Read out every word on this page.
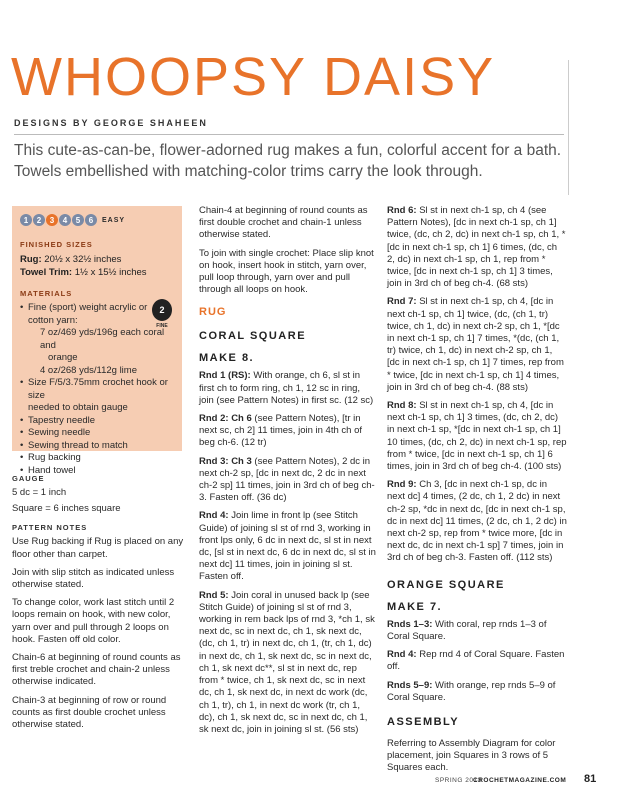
WHOOPSY DAISY
DESIGNS BY GEORGE SHAHEEN
This cute-as-can-be, flower-adorned rug makes a fun, colorful accent for a bath. Towels embellished with matching-color trims carry the look through.
1	2	3	4	5	6	EASY
FINISHED SIZES
Rug: 20½ x 32½ inches
Towel Trim: 1½ x 15½ inches
MATERIALS
• Fine (sport) weight acrylic or
cotton yarn:
7 oz/469 yds/196g each coral and
orange
4 oz/268 yds/112g lime
• Size F/5/3.75mm crochet hook or size
needed to obtain gauge
• Tapestry needle
• Sewing needle
• Sewing thread to match
• Rug backing
• Hand towel
2
FINE
GAUGE
5 dc = 1 inch
Square = 6 inches square
PATTERN NOTES
Use Rug backing if Rug is placed on any floor other than carpet.
Join with slip stitch as indicated unless otherwise stated.
To change color, work last stitch until 2 loops remain on hook, with new color, yarn over and pull through 2 loops on hook. Fasten off old color.
Chain-6 at beginning of round counts as first treble crochet and chain-2 unless otherwise indicated.
Chain-3 at beginning of row or round counts as first double crochet unless otherwise stated.
Chain-4 at beginning of round counts as first double crochet and chain-1 unless otherwise stated.
To join with single crochet: Place slip knot on hook, insert hook in stitch, yarn over, pull loop through, yarn over and pull through all loops on hook.
RUG
CORAL SQUARE
MAKE 8.
Rnd 1 (RS): With orange, ch 6, sl st in first ch to form ring, ch 1, 12 sc in ring, join (see Pattern Notes) in first sc. (12 sc)
Rnd 2: Ch 6 (see Pattern Notes), [tr in next sc, ch 2] 11 times, join in 4th ch of beg ch-6. (12 tr)
Rnd 3: Ch 3 (see Pattern Notes), 2 dc in next ch-2 sp, [dc in next dc, 2 dc in next ch-2 sp] 11 times, join in 3rd ch of beg ch-3. Fasten off. (36 dc)
Rnd 4: Join lime in front lp (see Stitch Guide) of joining sl st of rnd 3, working in front lps only, 6 dc in next dc, sl st in next dc, [sl st in next dc, 6 dc in next dc, sl st in next dc] 11 times, join in joining sl st. Fasten off.
Rnd 5: Join coral in unused back lp (see Stitch Guide) of joining sl st of rnd 3, working in rem back lps of rnd 3, *ch 1, sk next dc, sc in next dc, ch 1, sk next dc, (dc, ch 1, tr) in next dc, ch 1, (tr, ch 1, dc) in next dc, ch 1, sk next dc, sc in next dc, ch 1, sk next dc**, sl st in next dc, rep from * twice, ch 1, sk next dc, sc in next dc, ch 1, sk next dc, in next dc work (dc, ch 1, tr), ch 1, in next dc work (tr, ch 1, dc), ch 1, sk next dc, sc in next dc, ch 1, sk next dc, join in joining sl st. (56 sts)
Rnd 6: Sl st in next ch-1 sp, ch 4 (see Pattern Notes), [dc in next ch-1 sp, ch 1] twice, (dc, ch 2, dc) in next ch-1 sp, ch 1, *[dc in next ch-1 sp, ch 1] 6 times, (dc, ch 2, dc) in next ch-1 sp, ch 1, rep from * twice, [dc in next ch-1 sp, ch 1] 3 times, join in 3rd ch of beg ch-4. (68 sts)
Rnd 7: Sl st in next ch-1 sp, ch 4, [dc in next ch-1 sp, ch 1] twice, (dc, (ch 1, tr) twice, ch 1, dc) in next ch-2 sp, ch 1, *[dc in next ch-1 sp, ch 1] 7 times, *(dc, (ch 1, tr) twice, ch 1, dc) in next ch-2 sp, ch 1, [dc in next ch-1 sp, ch 1] 7 times, rep from * twice, [dc in next ch-1 sp, ch 1] 4 times, join in 3rd ch of beg ch-4. (88 sts)
Rnd 8: Sl st in next ch-1 sp, ch 4, [dc in next ch-1 sp, ch 1] 3 times, (dc, ch 2, dc) in next ch-1 sp, *[dc in next ch-1 sp, ch 1] 10 times, (dc, ch 2, dc) in next ch-1 sp, rep from * twice, [dc in next ch-1 sp, ch 1] 6 times, join in 3rd ch of beg ch-4. (100 sts)
Rnd 9: Ch 3, [dc in next ch-1 sp, dc in next dc] 4 times, (2 dc, ch 1, 2 dc) in next ch-2 sp, *dc in next dc, [dc in next ch-1 sp, dc in next dc] 11 times, (2 dc, ch 1, 2 dc) in next ch-2 sp, rep from * twice more, [dc in next dc, dc in next ch-1 sp] 7 times, join in 3rd ch of beg ch-3. Fasten off. (112 sts)
ORANGE SQUARE
MAKE 7.
Rnds 1–3: With coral, rep rnds 1–3 of Coral Square.
Rnd 4: Rep rnd 4 of Coral Square. Fasten off.
Rnds 5–9: With orange, rep rnds 5–9 of Coral Square.
ASSEMBLY
Referring to Assembly Diagram for color placement, join Squares in 3 rows of 5 Squares each.
SPRING 2013
CROCHETMAGAZINE.COM 81
